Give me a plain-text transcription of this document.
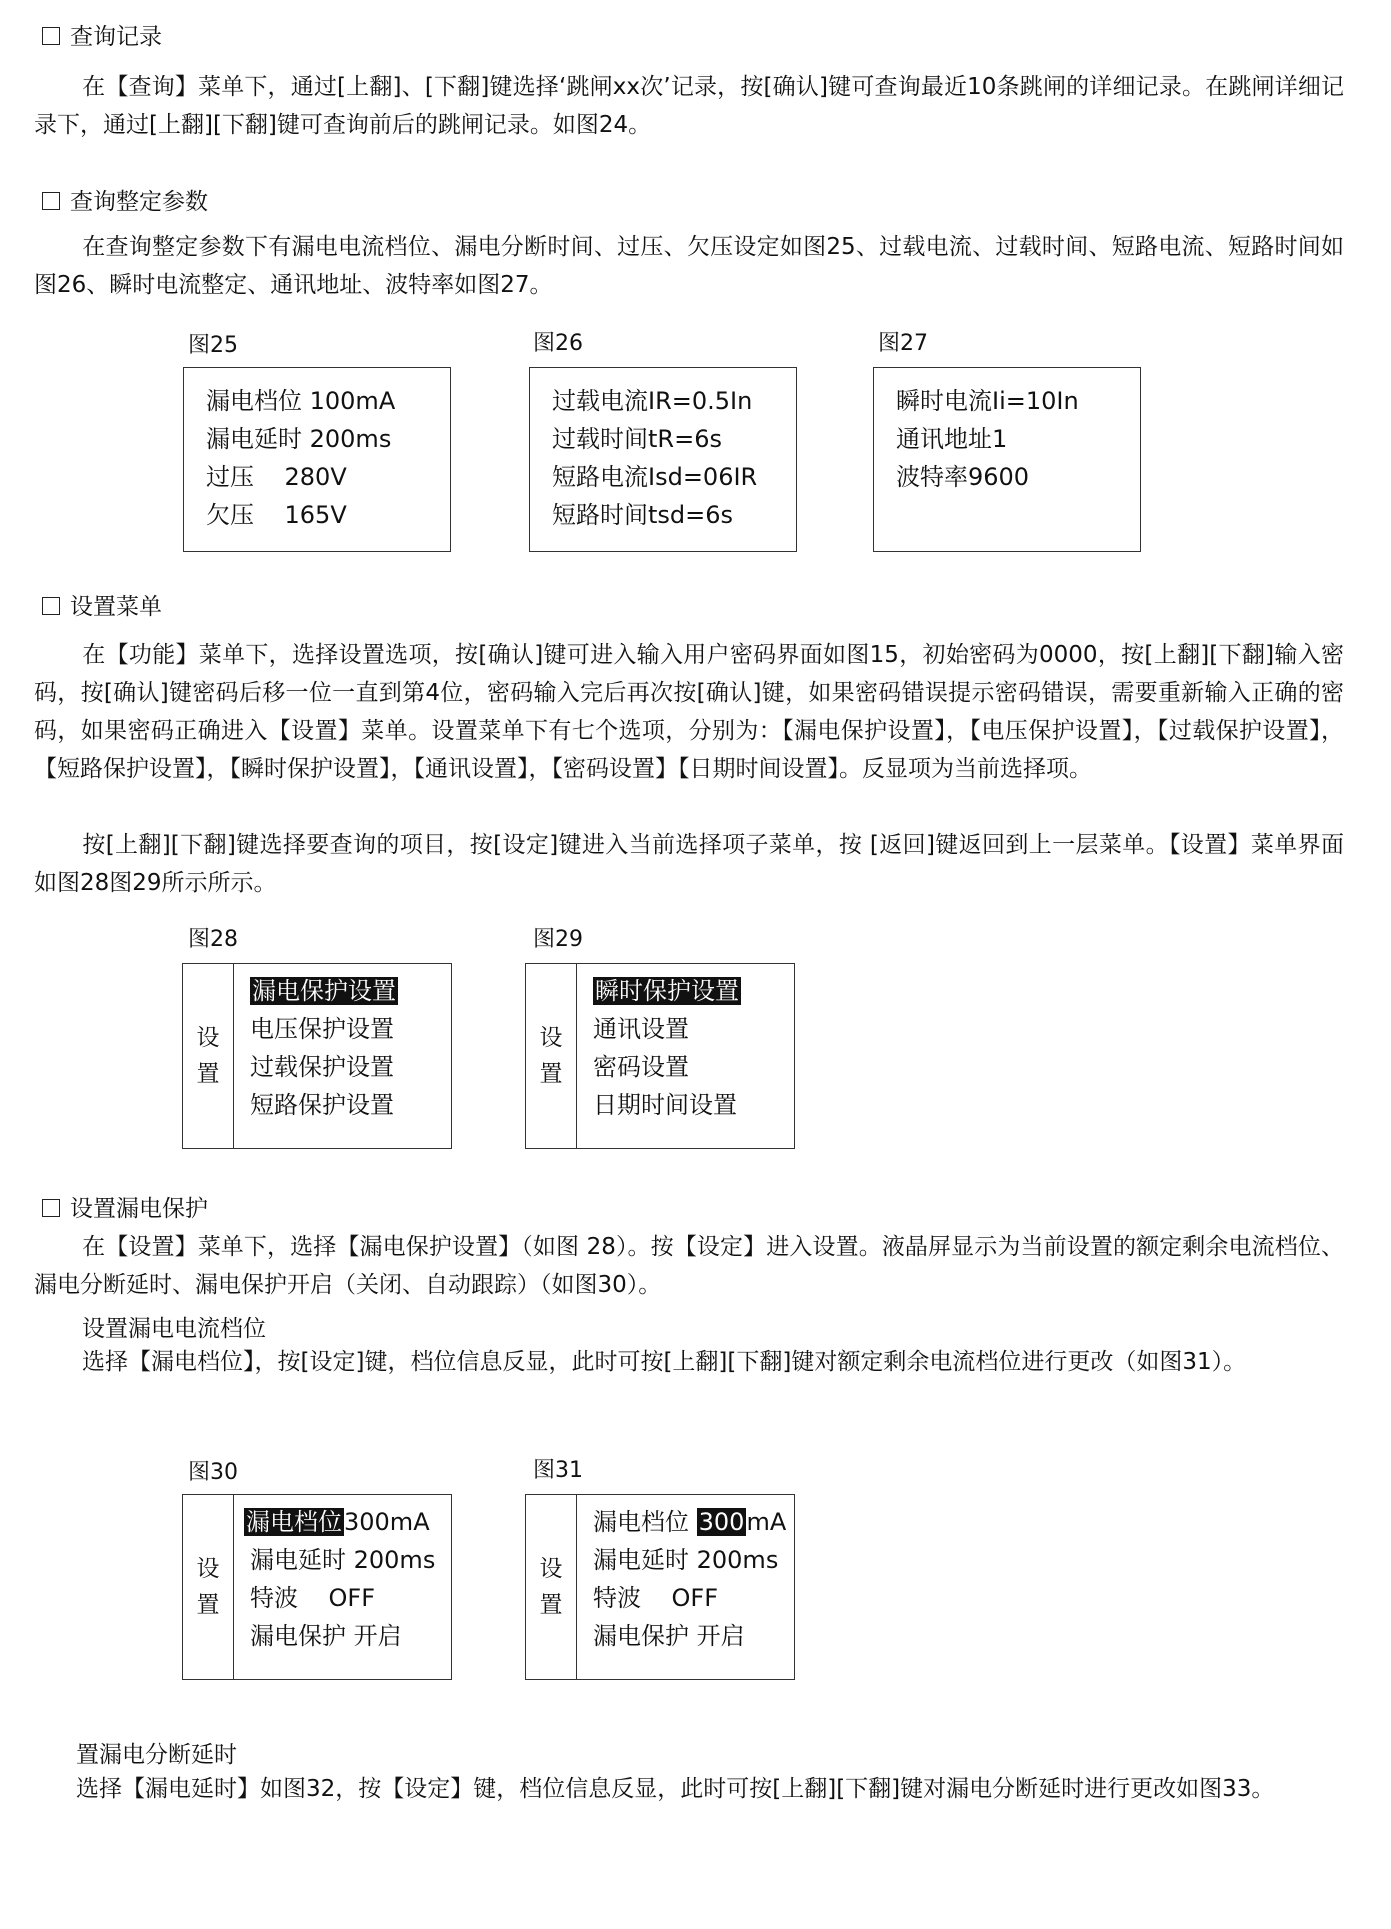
查询记录
在【查询】菜单下，通过[上翻]、[下翻]键选择‘跳闸xx次’记录，按[确认]键可查询最近10条跳闸的详细记录。在跳闸详细记录下，通过[上翻][下翻]键可查询前后的跳闸记录。如图24。
查询整定参数
在查询整定参数下有漏电电流档位、漏电分断时间、过压、欠压设定如图25、过载电流、过载时间、短路电流、短路时间如图26、瞬时电流整定、通讯地址、波特率如图27。
图25	图26	图27
漏电档位 100mA
漏电延时 200ms
过压    280V
欠压    165V
过载电流IR=0.5In
过载时间tR=6s
短路电流Isd=06IR
短路时间tsd=6s
瞬时电流Ii=10In
通讯地址1
波特率9600
设置菜单
在【功能】菜单下，选择设置选项，按[确认]键可进入输入用户密码界面如图15，初始密码为0000，按[上翻][下翻]输入密码，按[确认]键密码后移一位一直到第4位，密码输入完后再次按[确认]键，如果密码错误提示密码错误，需要重新输入正确的密码，如果密码正确进入【设置】菜单。设置菜单下有七个选项，分别为：【漏电保护设置】，【电压保护设置】，【过载保护设置】，【短路保护设置】，【瞬时保护设置】，【通讯设置】，【密码设置】【日期时间设置】。反显项为当前选择项。
按[上翻][下翻]键选择要查询的项目，按[设定]键进入当前选择项子菜单，按 [返回]键返回到上一层菜单。【设置】菜单界面如图28图29所示所示。
图28	图29
设
置
漏电保护设置
电压保护设置
过载保护设置
短路保护设置
设
置
瞬时保护设置
通讯设置
密码设置
日期时间设置
设置漏电保护
在【设置】菜单下，选择【漏电保护设置】（如图 28）。按【设定】进入设置。液晶屏显示为当前设置的额定剩余电流档位、漏电分断延时、漏电保护开启（关闭、自动跟踪）（如图30）。
设置漏电电流档位
选择【漏电档位】，按[设定]键，档位信息反显，此时可按[上翻][下翻]键对额定剩余电流档位进行更改（如图31）。
图30	图31
设
置
漏电档位300mA
漏电延时 200ms
特波    OFF
漏电保护 开启
设
置
漏电档位 300mA
漏电延时 200ms
特波    OFF
漏电保护 开启
置漏电分断延时
选择【漏电延时】如图32，按【设定】键，档位信息反显，此时可按[上翻][下翻]键对漏电分断延时进行更改如图33。
